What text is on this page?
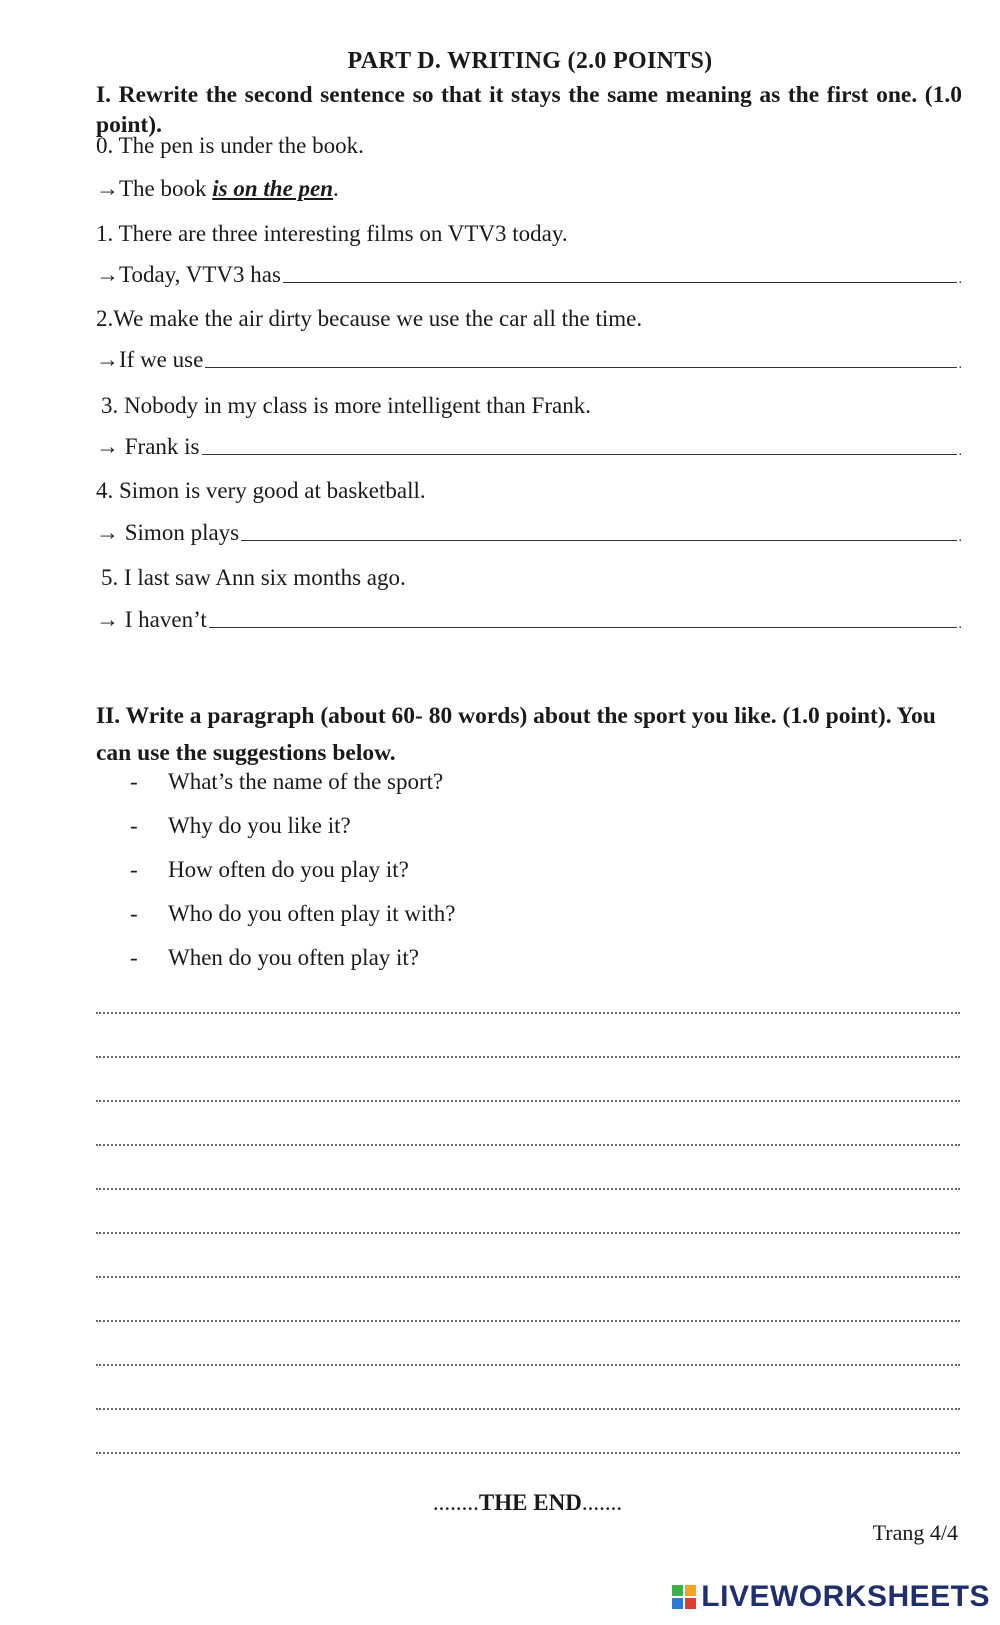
PART D. WRITING (2.0 POINTS)
I. Rewrite the second sentence so that it stays the same meaning as the first one. (1.0 point).
0. The pen is under the book.
→The book is on the pen.
1. There are three interesting films on VTV3 today.
→Today, VTV3 has	.
2.We make the air dirty because we use the car all the time.
→If we use	.
3. Nobody in my class is more intelligent than Frank.
→ Frank is	.
4. Simon is very good at basketball.
→ Simon plays	.
5. I last saw Ann six months ago.
→ I haven’t	.
II. Write a paragraph (about 60- 80 words) about the sport you like. (1.0 point). You can use the suggestions below.
- What’s the name of the sport?
- Why do you like it?
- How often do you play it?
- Who do you often play it with?
- When do you often play it?
........THE END.......
Trang 4/4
LIVEWORKSHEETS
